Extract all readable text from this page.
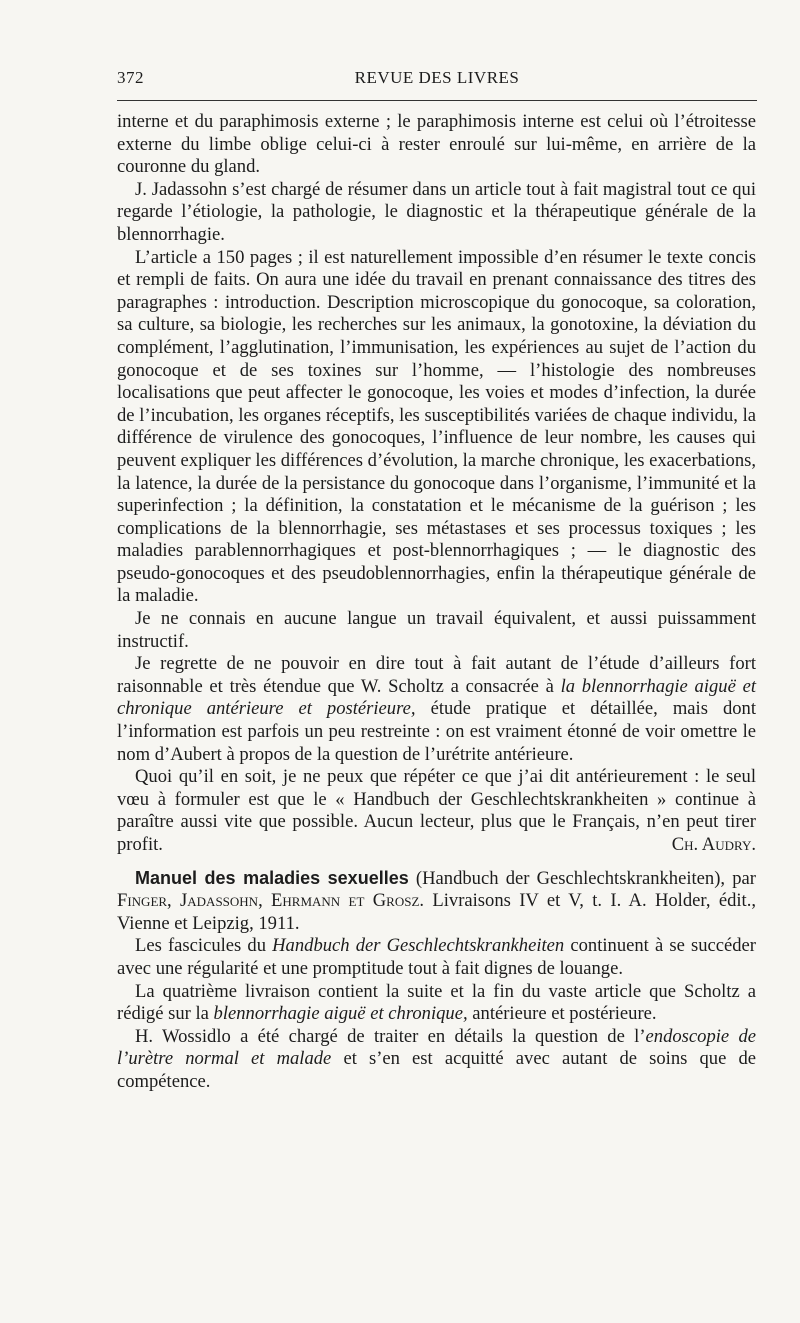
372	REVUE DES LIVRES

interne et du paraphimosis externe ; le paraphimosis interne est celui où l’étroitesse externe du limbe oblige celui-ci à rester enroulé sur lui-même, en arrière de la couronne du gland.

J. Jadassohn s’est chargé de résumer dans un article tout à fait magistral tout ce qui regarde l’étiologie, la pathologie, le diagnostic et la thérapeutique générale de la blennorrhagie.

L’article a 150 pages ; il est naturellement impossible d’en résumer le texte concis et rempli de faits. On aura une idée du travail en prenant connaissance des titres des paragraphes : introduction. Description microscopique du gonocoque, sa coloration, sa culture, sa biologie, les recherches sur les animaux, la gonotoxine, la déviation du complément, l’agglutination, l’immunisation, les expériences au sujet de l’action du gonocoque et de ses toxines sur l’homme, — l’histologie des nombreuses localisations que peut affecter le gonocoque, les voies et modes d’infection, la durée de l’incubation, les organes réceptifs, les susceptibilités variées de chaque individu, la différence de virulence des gonocoques, l’influence de leur nombre, les causes qui peuvent expliquer les différences d’évolution, la marche chronique, les exacerbations, la latence, la durée de la persistance du gonocoque dans l’organisme, l’immunité et la superinfection ; la définition, la constatation et le mécanisme de la guérison ; les complications de la blennorrhagie, ses métastases et ses processus toxiques ; les maladies parablennorrhagiques et post-blennorrhagiques ; — le diagnostic des pseudo-gonocoques et des pseudoblennorrhagies, enfin la thérapeutique générale de la maladie.

Je ne connais en aucune langue un travail équivalent, et aussi puissamment instructif.

Je regrette de ne pouvoir en dire tout à fait autant de l’étude d’ailleurs fort raisonnable et très étendue que W. Scholtz a consacrée à la blennorrhagie aiguë et chronique antérieure et postérieure, étude pratique et détaillée, mais dont l’information est parfois un peu restreinte : on est vraiment étonné de voir omettre le nom d’Aubert à propos de la question de l’urétrite antérieure.

Quoi qu’il en soit, je ne peux que répéter ce que j’ai dit antérieurement : le seul vœu à formuler est que le « Handbuch der Geschlechtskrankheiten » continue à paraître aussi vite que possible. Aucun lecteur, plus que le Français, n’en peut tirer profit.	Ch. Audry.

Manuel des maladies sexuelles (Handbuch der Geschlechtskrankheiten), par Finger, Jadassohn, Ehrmann et Grosz. Livraisons IV et V, t. I. A. Holder, édit., Vienne et Leipzig, 1911.

Les fascicules du Handbuch der Geschlechtskrankheiten continuent à se succéder avec une régularité et une promptitude tout à fait dignes de louange.

La quatrième livraison contient la suite et la fin du vaste article que Scholtz a rédigé sur la blennorrhagie aiguë et chronique, antérieure et postérieure.

H. Wossidlo a été chargé de traiter en détails la question de l’endoscopie de l’urètre normal et malade et s’en est acquitté avec autant de soins que de compétence.
